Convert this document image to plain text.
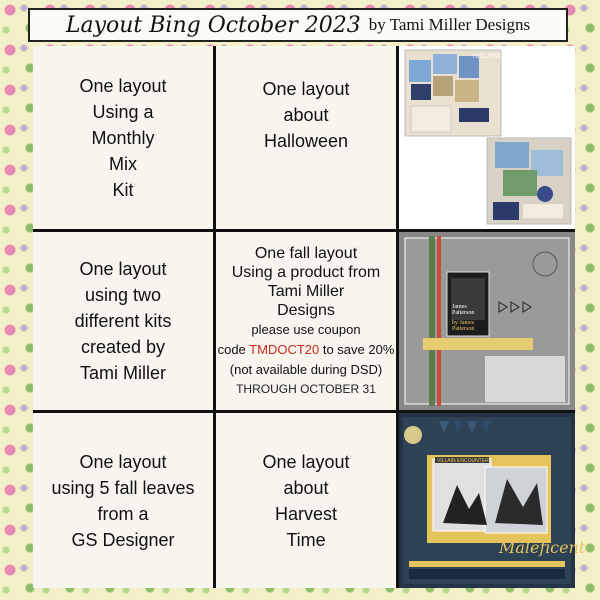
Layout Bing October 2023 by Tami Miller Designs
One layout
Using a
Monthly
Mix
Kit
One layout
about
Halloween
HOLLYWOOD
One layout
using two
different kits
created by
Tami Miller
One fall layout
Using a product from
Tami Miller
Designs
please use coupon
code TMDOCT20 to save 20%
(not available during DSD)
THROUGH OCTOBER 31
James
Patterson
by James
Patterson
One layout
using 5 fall leaves
from a
GS Designer
One layout
about
Harvest
Time
VILLAIN ENCOUNTER
Maleficent
